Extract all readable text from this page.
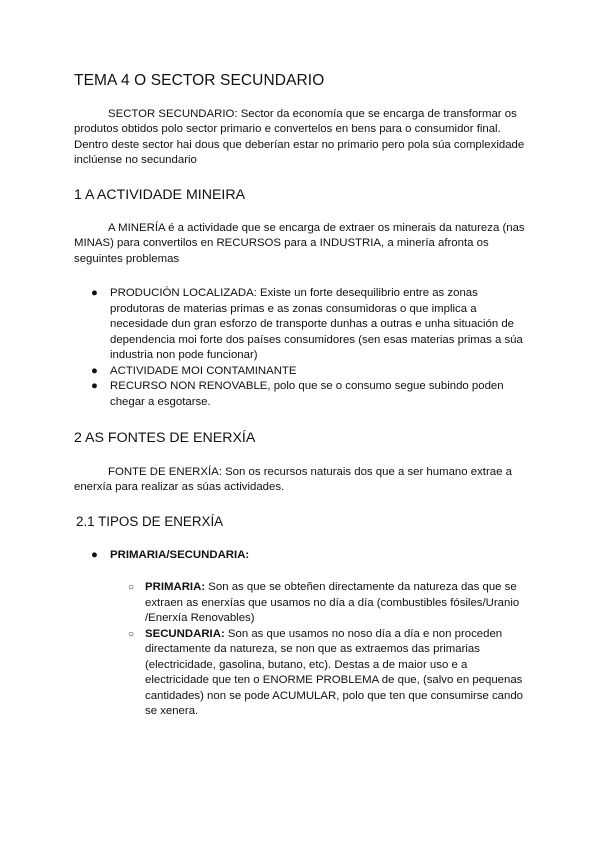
TEMA 4 O SECTOR SECUNDARIO

SECTOR SECUNDARIO: Sector da economía que se encarga de transformar os produtos obtidos polo sector primario e convertelos en bens para o consumidor final. Dentro deste sector hai dous que deberían estar no primario pero pola súa complexidade inclúense no secundario

1 A ACTIVIDADE MINEIRA

A MINERÍA é a actividade que se encarga de extraer os minerais da natureza (nas MINAS) para convertilos en RECURSOS para a INDUSTRIA, a minería afronta os seguintes problemas

● PRODUCIÓN LOCALIZADA: Existe un forte desequilibrio entre as zonas produtoras de materias primas e as zonas consumidoras o que implica a necesidade dun gran esforzo de transporte dunhas a outras e unha situación de dependencia moi forte dos países consumidores (sen esas materias primas a súa industria non pode funcionar)
● ACTIVIDADE MOI CONTAMINANTE
● RECURSO NON RENOVABLE, polo que se o consumo segue subindo poden chegar a esgotarse.
2 AS FONTES DE ENERXÍA

FONTE DE ENERXÍA: Son os recursos naturais dos que a ser humano extrae a enerxía para realizar as súas actividades.

2.1 TIPOS DE ENERXÍA
● PRIMARIA/SECUNDARIA:
○ PRIMARIA: Son as que se obteñen directamente da natureza das que se extraen as enerxías que usamos no día a día (combustibles fósiles/Uranio /Enerxía Renovables)
○ SECUNDARIA: Son as que usamos no noso día a día e non proceden directamente da natureza, se non que as extraemos das primarias (electricidade, gasolina, butano, etc). Destas a de maior uso e a electricidade que ten o ENORME PROBLEMA de que, (salvo en pequenas cantidades) non se pode ACUMULAR, polo que ten que consumirse cando se xenera.
